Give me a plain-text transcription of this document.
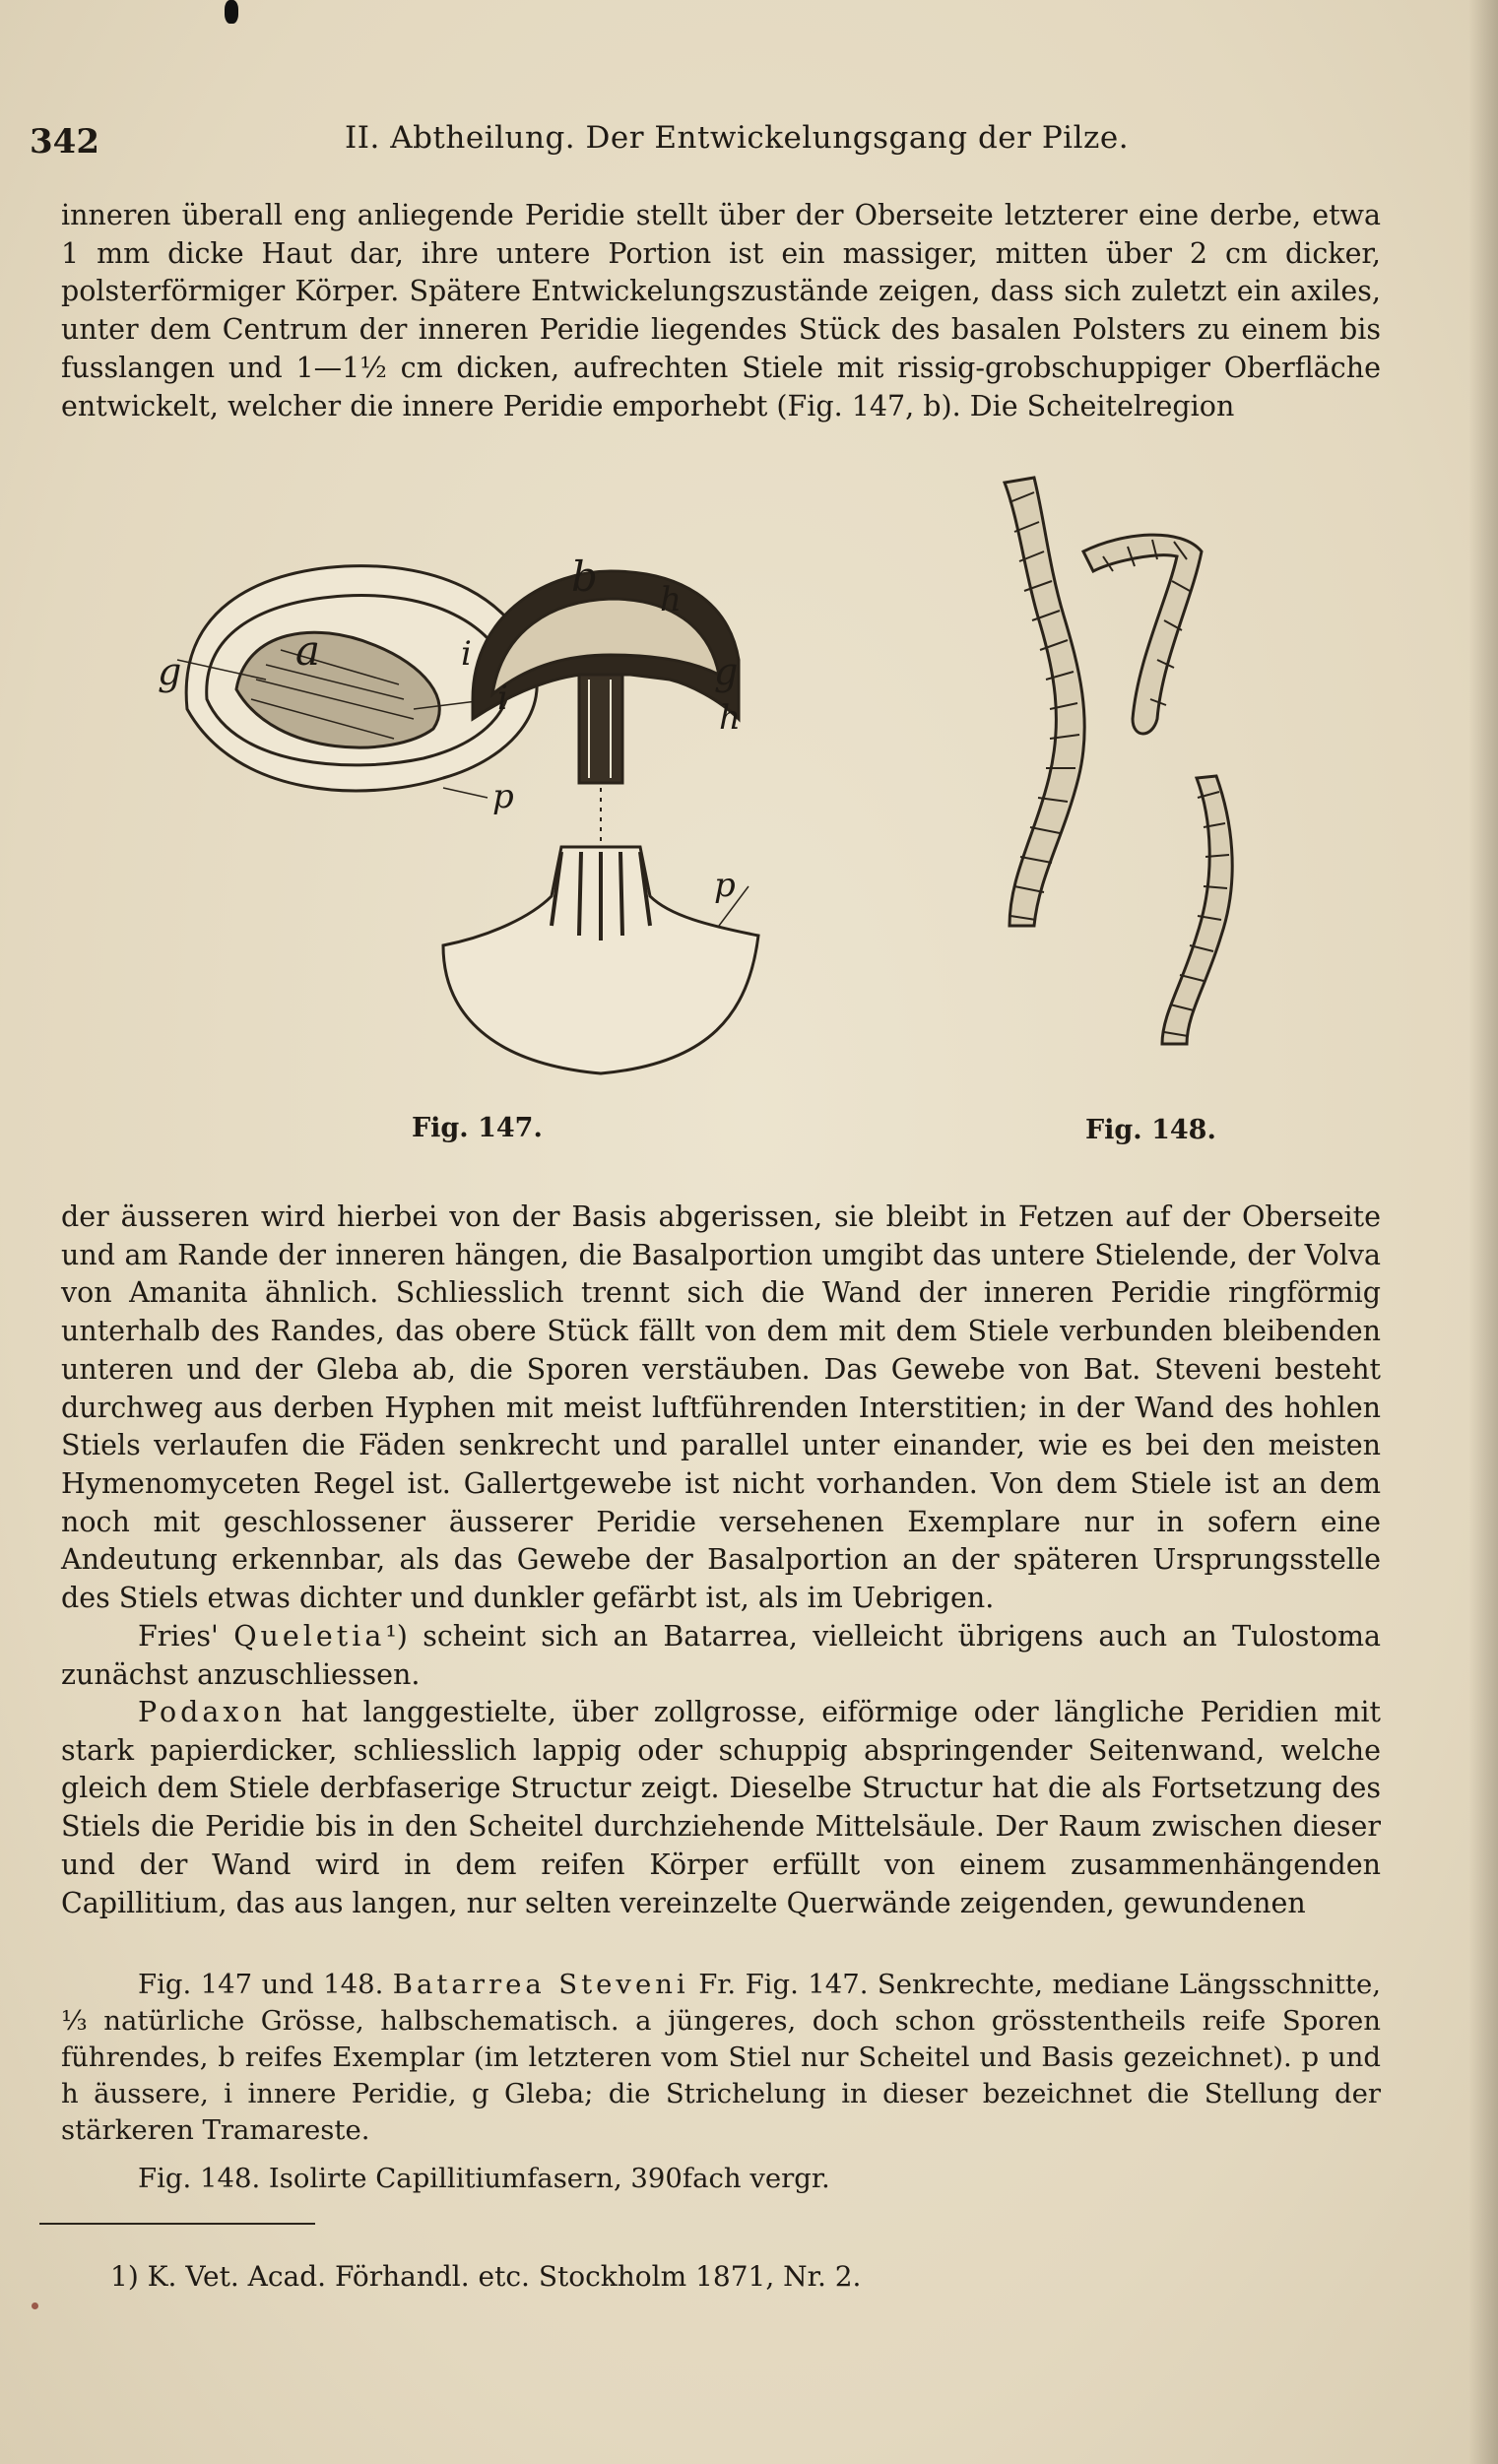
342	II. Abtheilung. Der Entwickelungsgang der Pilze.

inneren überall eng anliegende Peridie stellt über der Oberseite letzterer eine derbe, etwa 1 mm dicke Haut dar, ihre untere Portion ist ein massiger, mitten über 2 cm dicker, polsterförmiger Körper. Spätere Entwickelungszustände zeigen, dass sich zuletzt ein axiles, unter dem Centrum der inneren Peridie liegendes Stück des basalen Polsters zu einem bis fusslangen und 1—1½ cm dicken, aufrechten Stiele mit rissig-grobschuppiger Oberfläche entwickelt, welcher die innere Peridie emporhebt (Fig. 147, b). Die Scheitelregion

a
g
i
p
b h
i	g
h
p
Fig. 147.	Fig. 148.

der äusseren wird hierbei von der Basis abgerissen, sie bleibt in Fetzen auf der Oberseite und am Rande der inneren hängen, die Basalportion umgibt das untere Stielende, der Volva von Amanita ähnlich. Schliesslich trennt sich die Wand der inneren Peridie ringförmig unterhalb des Randes, das obere Stück fällt von dem mit dem Stiele verbunden bleibenden unteren und der Gleba ab, die Sporen verstäuben. Das Gewebe von Bat. Steveni besteht durchweg aus derben Hyphen mit meist luftführenden Interstitien; in der Wand des hohlen Stiels verlaufen die Fäden senkrecht und parallel unter einander, wie es bei den meisten Hymenomyceten Regel ist. Gallertgewebe ist nicht vorhanden. Von dem Stiele ist an dem noch mit geschlossener äusserer Peridie versehenen Exemplare nur in sofern eine Andeutung erkennbar, als das Gewebe der Basalportion an der späteren Ursprungsstelle des Stiels etwas dichter und dunkler gefärbt ist, als im Uebrigen.

Fries' Queletia¹) scheint sich an Batarrea, vielleicht übrigens auch an Tulostoma zunächst anzuschliessen.

Podaxon hat langgestielte, über zollgrosse, eiförmige oder längliche Peridien mit stark papierdicker, schliesslich lappig oder schuppig abspringender Seitenwand, welche gleich dem Stiele derbfaserige Structur zeigt. Dieselbe Structur hat die als Fortsetzung des Stiels die Peridie bis in den Scheitel durchziehende Mittelsäule. Der Raum zwischen dieser und der Wand wird in dem reifen Körper erfüllt von einem zusammenhängenden Capillitium, das aus langen, nur selten vereinzelte Querwände zeigenden, gewundenen

Fig. 147 und 148. Batarrea Steveni Fr. Fig. 147. Senkrechte, mediane Längsschnitte, ⅓ natürliche Grösse, halbschematisch. a jüngeres, doch schon grösstentheils reife Sporen führendes, b reifes Exemplar (im letzteren vom Stiel nur Scheitel und Basis gezeichnet). p und h äussere, i innere Peridie, g Gleba; die Strichelung in dieser bezeichnet die Stellung der stärkeren Tramareste.

Fig. 148. Isolirte Capillitiumfasern, 390fach vergr.

1) K. Vet. Acad. Förhandl. etc. Stockholm 1871, Nr. 2.
